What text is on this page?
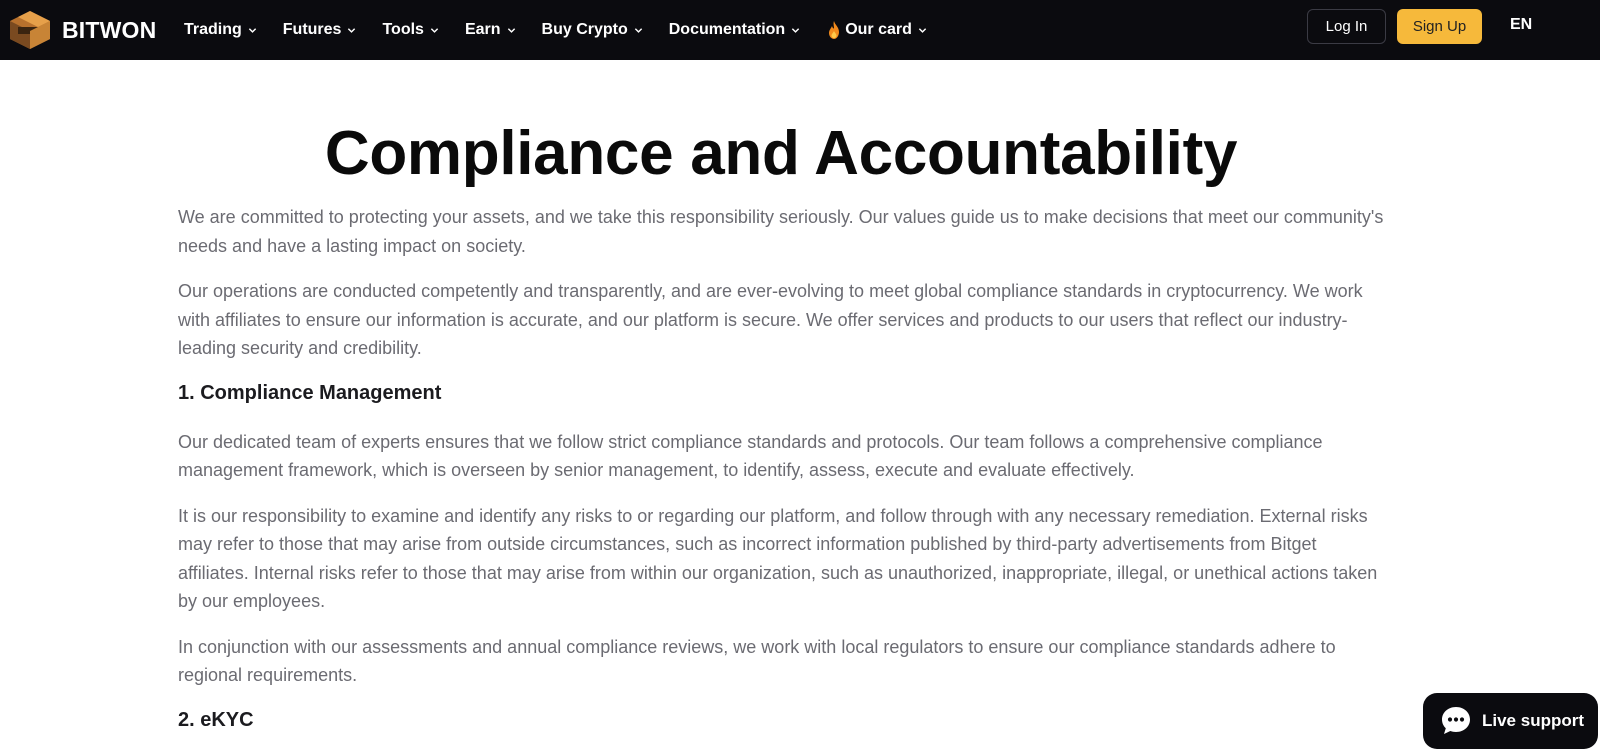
BITWON Trading	Futures	Tools	Earn	Buy Crypto	Documentation	Our card	Log In	Sign Up	EN
Compliance and Accountability

We are committed to protecting your assets, and we take this responsibility seriously. Our values guide us to make decisions that meet our community's needs and have a lasting impact on society.

Our operations are conducted competently and transparently, and are ever-evolving to meet global compliance standards in cryptocurrency. We work with affiliates to ensure our information is accurate, and our platform is secure. We offer services and products to our users that reflect our industry-leading security and credibility.

1. Compliance Management

Our dedicated team of experts ensures that we follow strict compliance standards and protocols. Our team follows a comprehensive compliance management framework, which is overseen by senior management, to identify, assess, execute and evaluate effectively.

It is our responsibility to examine and identify any risks to or regarding our platform, and follow through with any necessary remediation. External risks may refer to those that may arise from outside circumstances, such as incorrect information published by third-party advertisements from Bitget affiliates. Internal risks refer to those that may arise from within our organization, such as unauthorized, inappropriate, illegal, or unethical actions taken by our employees.

In conjunction with our assessments and annual compliance reviews, we work with local regulators to ensure our compliance standards adhere to regional requirements.

2. eKYC	Live support
